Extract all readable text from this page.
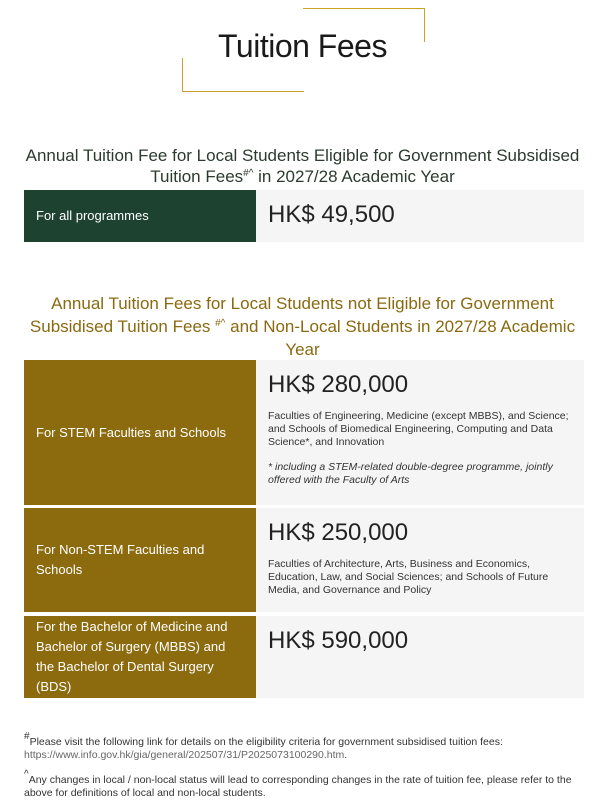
Tuition Fees
Annual Tuition Fee for Local Students Eligible for Government Subsidised Tuition Fees#^ in 2027/28 Academic Year
For all programmes	HK$ 49,500
Annual Tuition Fees for Local Students not Eligible for Government Subsidised Tuition Fees #^ and Non-Local Students in 2027/28 Academic Year
For STEM Faculties and Schools
HK$ 280,000
Faculties of Engineering, Medicine (except MBBS), and Science; and Schools of Biomedical Engineering, Computing and Data Science*, and Innovation
* including a STEM-related double-degree programme, jointly offered with the Faculty of Arts
For Non-STEM Faculties and Schools
HK$ 250,000
Faculties of Architecture, Arts, Business and Economics, Education, Law, and Social Sciences; and Schools of Future Media, and Governance and Policy
For the Bachelor of Medicine and Bachelor of Surgery (MBBS) and the Bachelor of Dental Surgery (BDS)
HK$ 590,000
#Please visit the following link for details on the eligibility criteria for government subsidised tuition fees: https://www.info.gov.hk/gia/general/202507/31/P2025073100290.htm.
^Any changes in local / non-local status will lead to corresponding changes in the rate of tuition fee, please refer to the above for definitions of local and non-local students.
